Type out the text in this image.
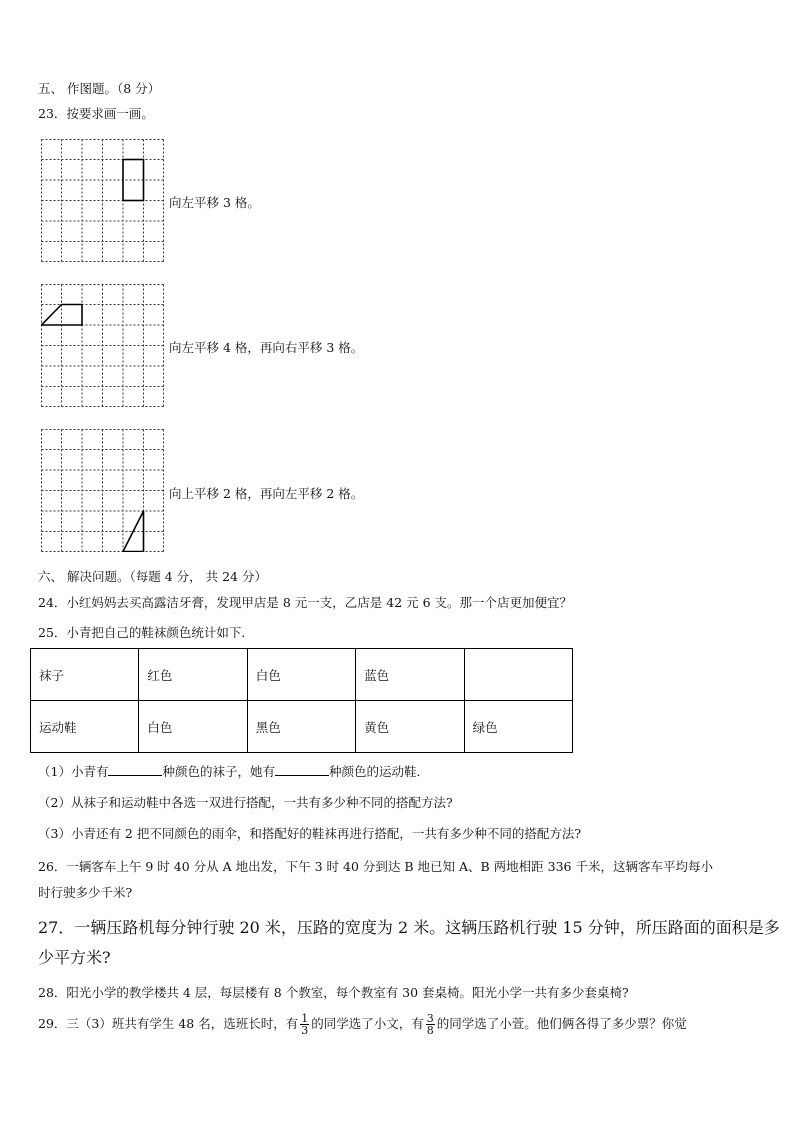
五、 作图题。（8 分）
23．按要求画一画。
向左平移 3 格。
向左平移 4 格，再向右平移 3 格。
向上平移 2 格，再向左平移 2 格。
六、 解决问题。（每题 4 分， 共 24 分）
24．小红妈妈去买高露洁牙膏，发现甲店是 8 元一支，乙店是 42 元 6 支。那一个店更加便宜？
25．小青把自己的鞋袜颜色统计如下．
袜子	红色	白色	蓝色	
运动鞋	白色	黑色	黄色	绿色
（1）小青有	种颜色的袜子，她有	种颜色的运动鞋．
（2）从袜子和运动鞋中各选一双进行搭配，一共有多少种不同的搭配方法?
（3）小青还有 2 把不同颜色的雨伞，和搭配好的鞋袜再进行搭配，一共有多少种不同的搭配方法?
26．一辆客车上午 9 时 40 分从 A 地出发，下午 3 时 40 分到达 B 地已知 A、B 两地相距 336 千米，这辆客车平均每小
时行驶多少千米?
27．一辆压路机每分钟行驶 20 米，压路的宽度为 2 米。这辆压路机行驶 15 分钟，所压路面的面积是多
少平方米?
28．阳光小学的教学楼共 4 层，每层楼有 8 个教室，每个教室有 30 套桌椅。阳光小学一共有多少套桌椅?
29．三（3）班共有学生 48 名，选班长时，有 $\frac{1}{3}$ 的同学选了小文，有 $\frac{3}{8}$ 的同学选了小萱。他们俩各得了多少票？你觉
